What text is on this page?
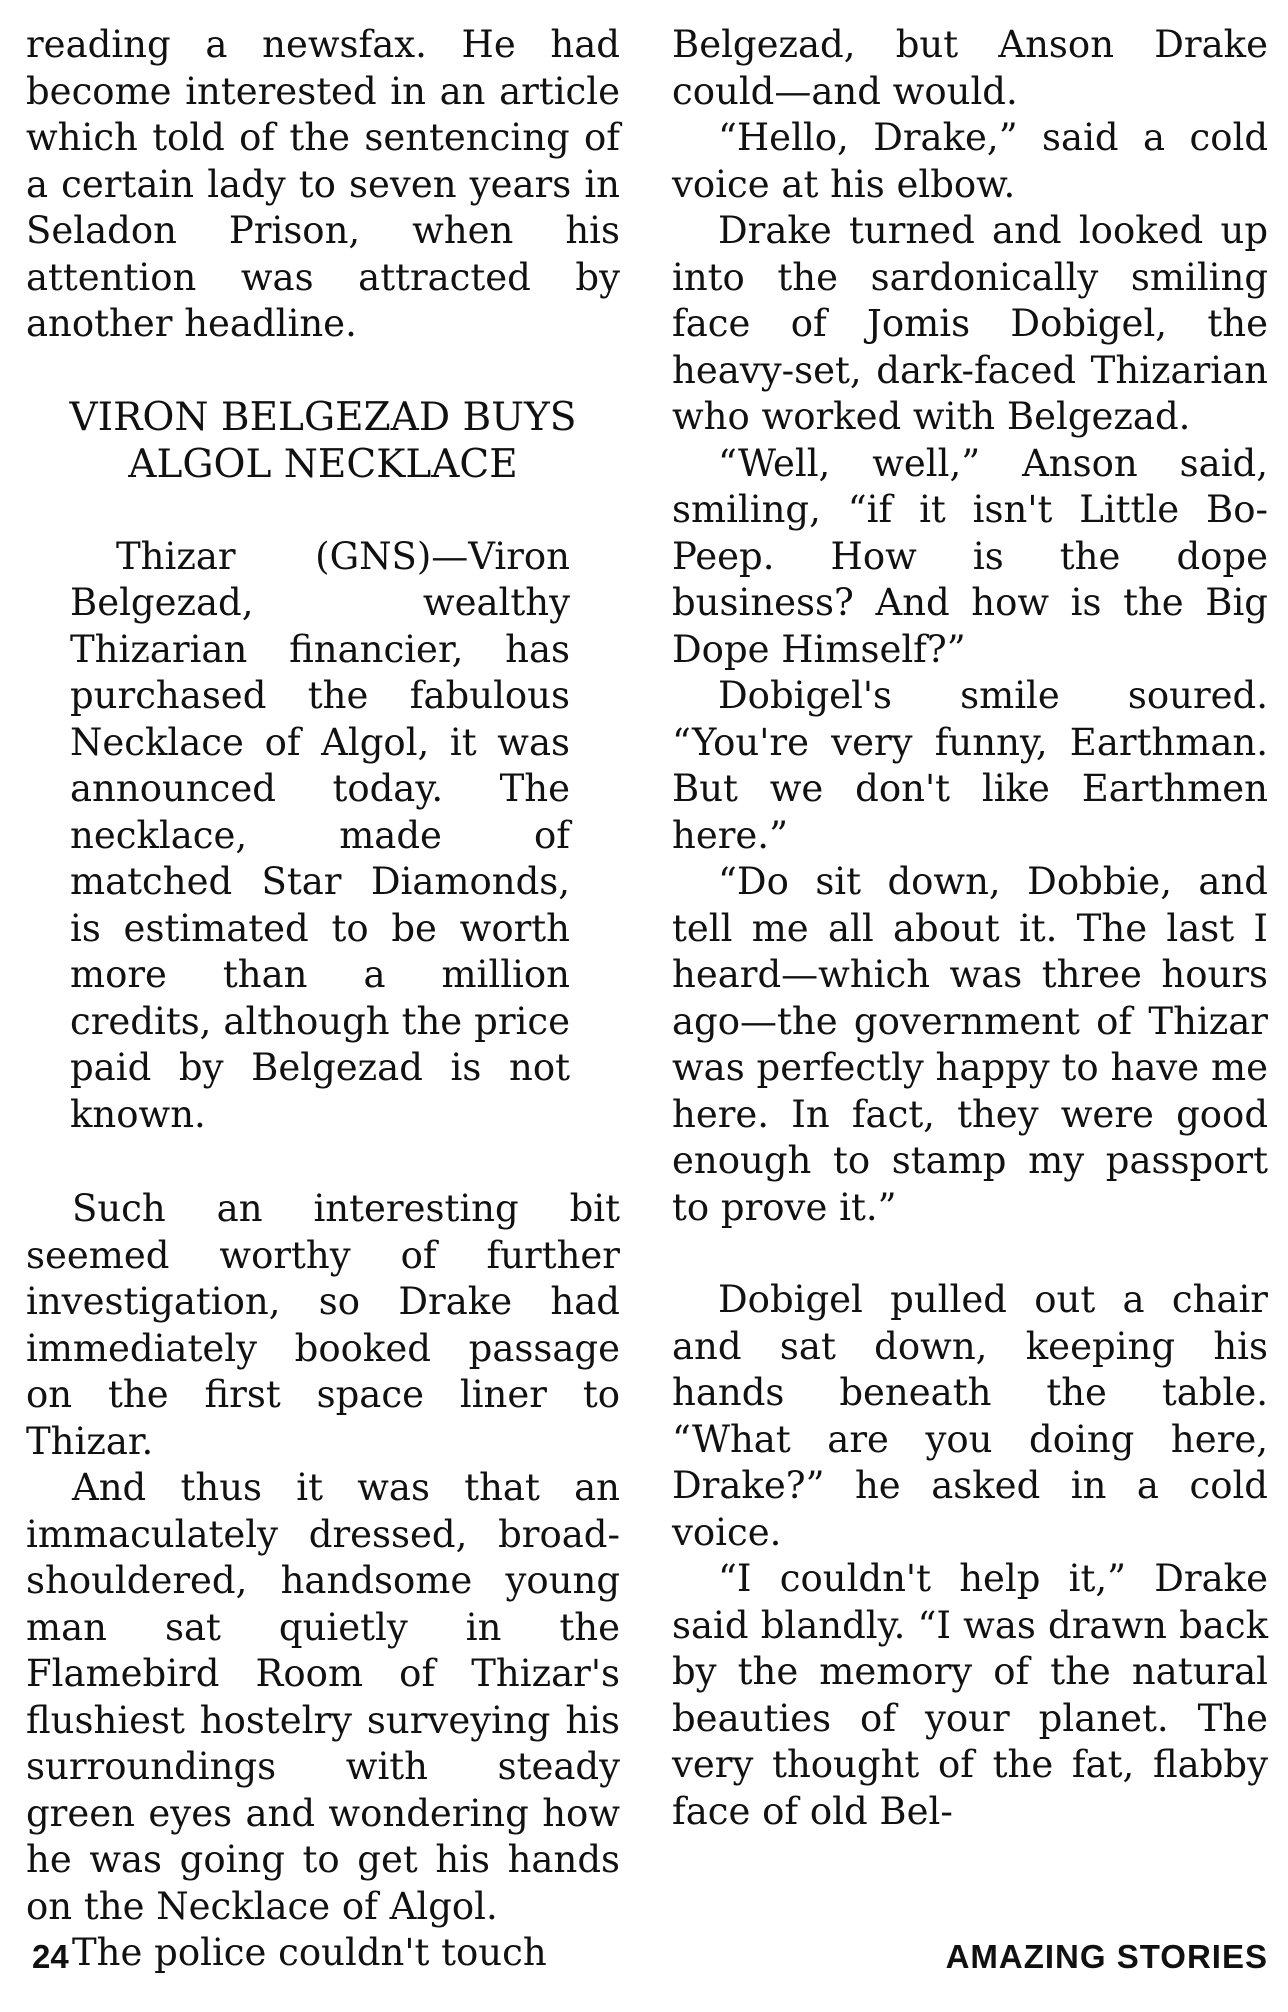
reading a newsfax. He had become interested in an article which told of the sentencing of a certain lady to seven years in Seladon Prison, when his attention was attracted by another headline.

VIRON BELGEZAD BUYS
ALGOL NECKLACE

Thizar (GNS)—Viron Belgezad, wealthy Thizarian financier, has purchased the fabulous Necklace of Algol, it was announced today. The necklace, made of matched Star Diamonds, is estimated to be worth more than a million credits, although the price paid by Belgezad is not known.

Such an interesting bit seemed worthy of further investigation, so Drake had immediately booked passage on the first space liner to Thizar.

And thus it was that an immaculately dressed, broad-shouldered, handsome young man sat quietly in the Flamebird Room of Thizar's flushiest hostelry surveying his surroundings with steady green eyes and wondering how he was going to get his hands on the Necklace of Algol.

The police couldn't touch

Belgezad, but Anson Drake could—and would.

“Hello, Drake,” said a cold voice at his elbow.

Drake turned and looked up into the sardonically smiling face of Jomis Dobigel, the heavy-set, dark-faced Thizarian who worked with Belgezad.

“Well, well,” Anson said, smiling, “if it isn't Little Bo-Peep. How is the dope business? And how is the Big Dope Himself?”

Dobigel's smile soured. “You're very funny, Earthman. But we don't like Earthmen here.”

“Do sit down, Dobbie, and tell me all about it. The last I heard—which was three hours ago—the government of Thizar was perfectly happy to have me here. In fact, they were good enough to stamp my passport to prove it.”

Dobigel pulled out a chair and sat down, keeping his hands beneath the table. “What are you doing here, Drake?” he asked in a cold voice.

“I couldn't help it,” Drake said blandly. “I was drawn back by the memory of the natural beauties of your planet. The very thought of the fat, flabby face of old Bel-

24	AMAZING STORIES
